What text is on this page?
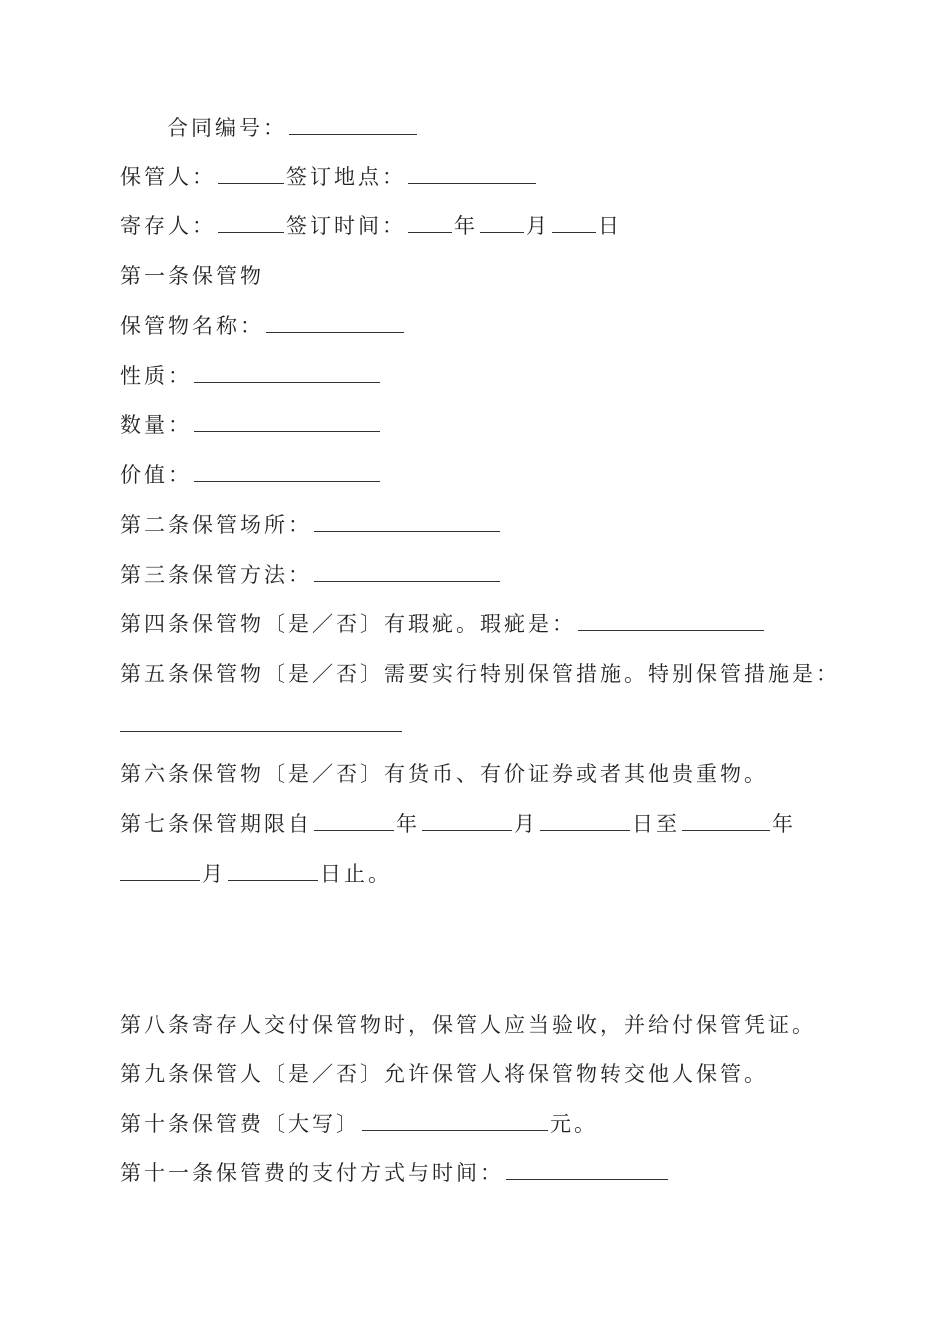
合同编号：
保管人：	签订地点：
寄存人：	签订时间： 年 月 日
第一条保管物
保管物名称：
性质：
数量：
价值：
第二条保管场所：
第三条保管方法：
第四条保管物〔是／否〕有瑕疵。瑕疵是：
第五条保管物〔是／否〕需要实行特别保管措施。特别保管措施是：
第六条保管物〔是／否〕有货币、有价证券或者其他贵重物。
第七条保管期限自	年	月	日至	年
月	日止。
第八条寄存人交付保管物时，保管人应当验收，并给付保管凭证。
第九条保管人〔是／否〕允许保管人将保管物转交他人保管。
第十条保管费〔大写〕	元。
第十一条保管费的支付方式与时间：
